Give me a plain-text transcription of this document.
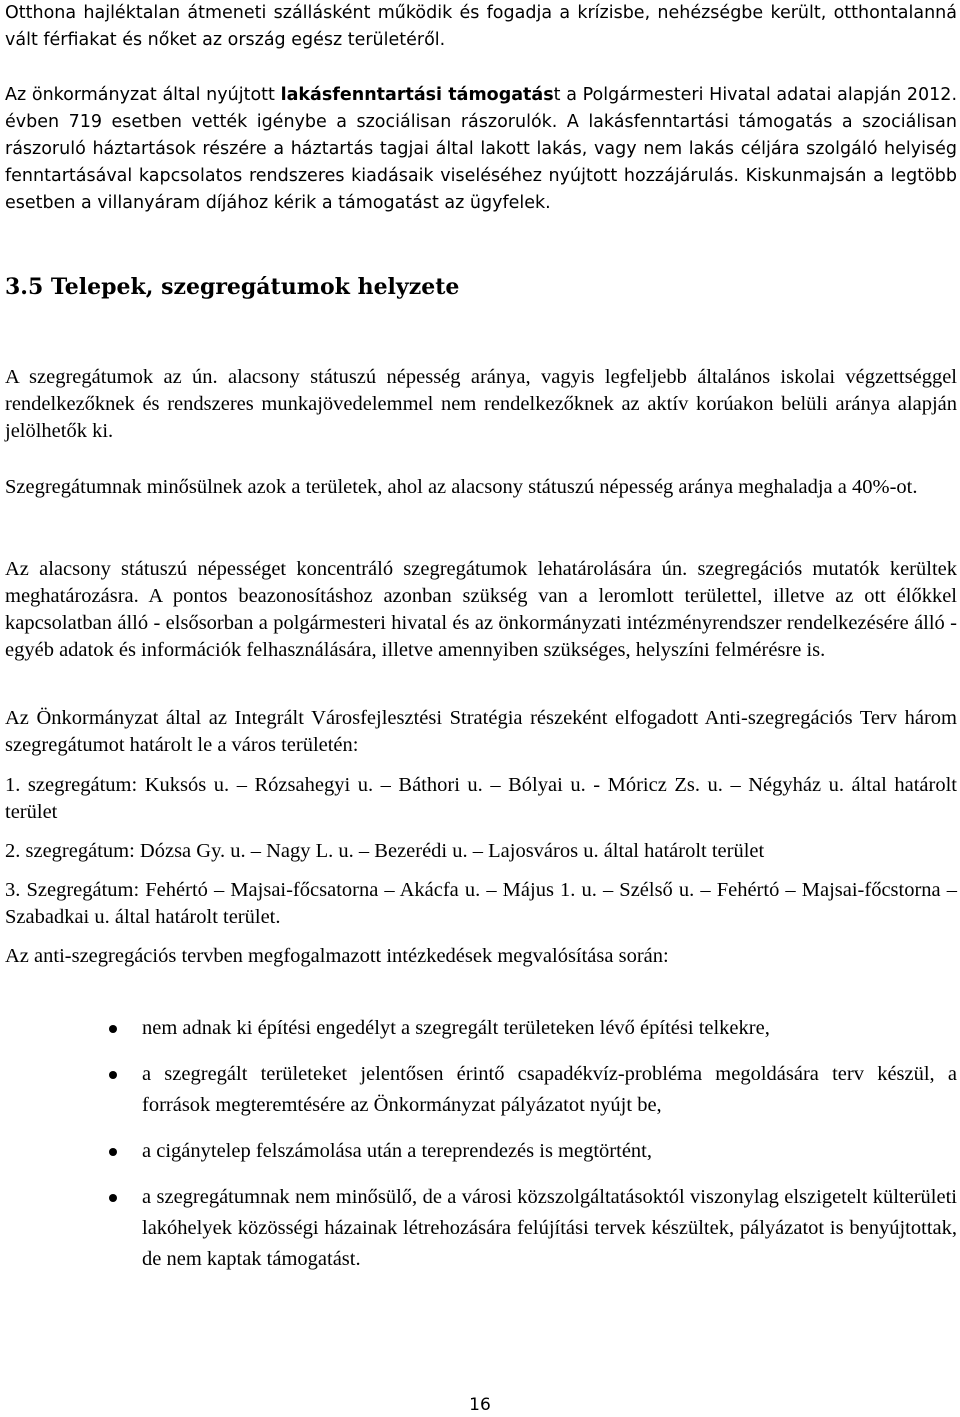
Otthona hajléktalan átmeneti szállásként működik és fogadja a krízisbe, nehézségbe került, otthontalanná vált férfiakat és nőket az ország egész területéről.

Az önkormányzat által nyújtott lakásfenntartási támogatást a Polgármesteri Hivatal adatai alapján 2012. évben 719 esetben vették igénybe a szociálisan rászorulók. A lakásfenntartási támogatás a szociálisan rászoruló háztartások részére a háztartás tagjai által lakott lakás, vagy nem lakás céljára szolgáló helyiség fenntartásával kapcsolatos rendszeres kiadásaik viseléséhez nyújtott hozzájárulás. Kiskunmajsán a legtöbb esetben a villanyáram díjához kérik a támogatást az ügyfelek.

3.5 Telepek, szegregátumok helyzete

A szegregátumok az ún. alacsony státuszú népesség aránya, vagyis legfeljebb általános iskolai végzettséggel rendelkezőknek és rendszeres munkajövedelemmel nem rendelkezőknek az aktív korúakon belüli aránya alapján jelölhetők ki.

Szegregátumnak minősülnek azok a területek, ahol az alacsony státuszú népesség aránya meghaladja a 40%-ot.

Az alacsony státuszú népességet koncentráló szegregátumok lehatárolására ún. szegregációs mutatók kerültek meghatározásra. A pontos beazonosításhoz azonban szükség van a leromlott területtel, illetve az ott élőkkel kapcsolatban álló - elsősorban a polgármesteri hivatal és az önkormányzati intézményrendszer rendelkezésére álló - egyéb adatok és információk felhasználására, illetve amennyiben szükséges, helyszíni felmérésre is.

Az Önkormányzat által az Integrált Városfejlesztési Stratégia részeként elfogadott Anti-szegregációs Terv három szegregátumot határolt le a város területén:

1. szegregátum: Kuksós u. – Rózsahegyi u. – Báthori u. – Bólyai u. - Móricz Zs. u. – Négyház u. által határolt terület

2. szegregátum: Dózsa Gy. u. – Nagy L. u. – Bezerédi u. – Lajosváros u. által határolt terület

3. Szegregátum: Fehértó – Majsai-főcsatorna – Akácfa u. – Május 1. u. – Szélső u. – Fehértó – Majsai-főcstorna – Szabadkai u. által határolt terület.

Az anti-szegregációs tervben megfogalmazott intézkedések megvalósítása során:

nem adnak ki építési engedélyt a szegregált területeken lévő építési telkekre,
a szegregált területeket jelentősen érintő csapadékvíz-probléma megoldására terv készül, a források megteremtésére az Önkormányzat pályázatot nyújt be,
a cigánytelep felszámolása után a tereprendezés is megtörtént,
a szegregátumnak nem minősülő, de a városi közszolgáltatásoktól viszonylag elszigetelt külterületi lakóhelyek közösségi házainak létrehozására felújítási tervek készültek, pályázatot is benyújtottak, de nem kaptak támogatást.
16
